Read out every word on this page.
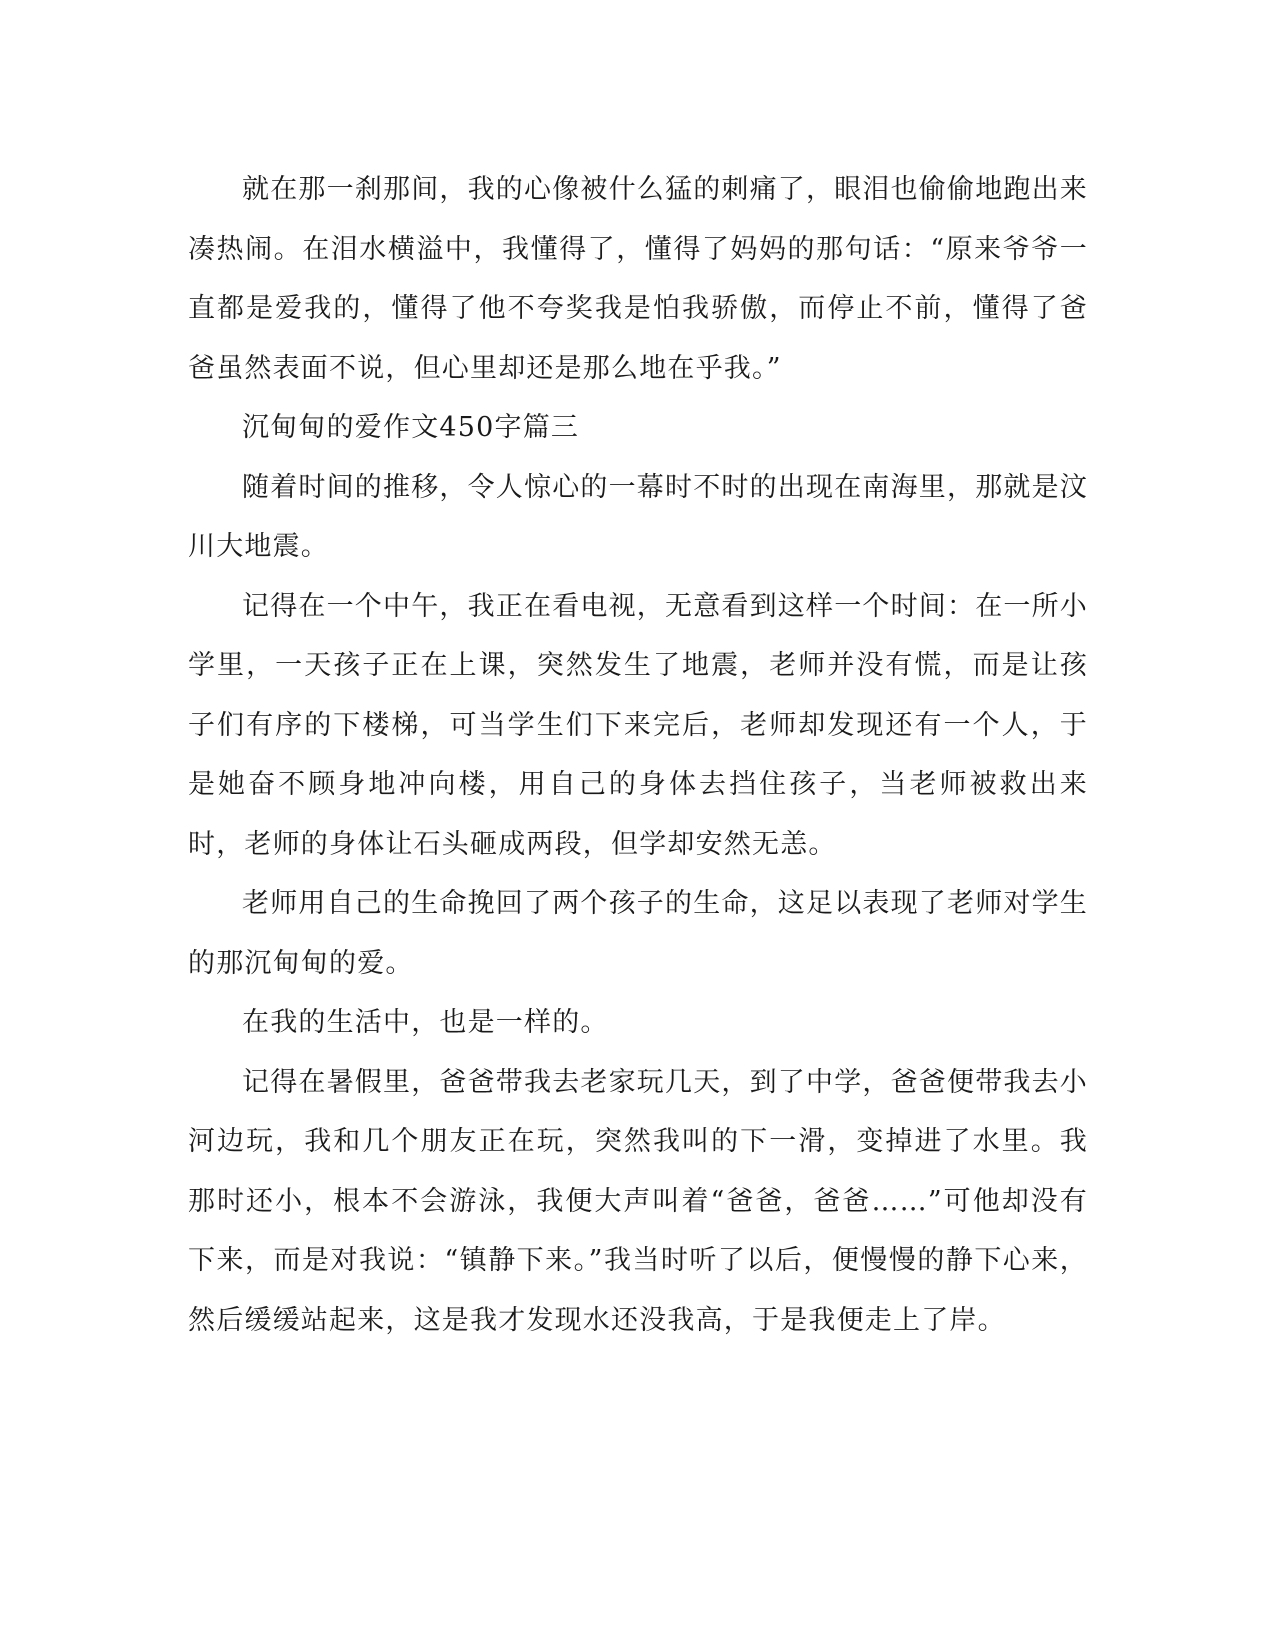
就在那一刹那间，我的心像被什么猛的刺痛了，眼泪也偷偷地跑出来凑热闹。在泪水横溢中，我懂得了，懂得了妈妈的那句话：“原来爷爷一直都是爱我的，懂得了他不夸奖我是怕我骄傲，而停止不前，懂得了爸爸虽然表面不说，但心里却还是那么地在乎我。”

沉甸甸的爱作文450字篇三

随着时间的推移，令人惊心的一幕时不时的出现在南海里，那就是汶川大地震。

记得在一个中午，我正在看电视，无意看到这样一个时间：在一所小学里，一天孩子正在上课，突然发生了地震，老师并没有慌，而是让孩子们有序的下楼梯，可当学生们下来完后，老师却发现还有一个人，于是她奋不顾身地冲向楼，用自己的身体去挡住孩子，当老师被救出来时，老师的身体让石头砸成两段，但学却安然无恙。

老师用自己的生命挽回了两个孩子的生命，这足以表现了老师对学生的那沉甸甸的爱。

在我的生活中，也是一样的。

记得在暑假里，爸爸带我去老家玩几天，到了中学，爸爸便带我去小河边玩，我和几个朋友正在玩，突然我叫的下一滑，变掉进了水里。我那时还小，根本不会游泳，我便大声叫着“爸爸，爸爸……”可他却没有下来，而是对我说：“镇静下来。”我当时听了以后，便慢慢的静下心来，然后缓缓站起来，这是我才发现水还没我高，于是我便走上了岸。
